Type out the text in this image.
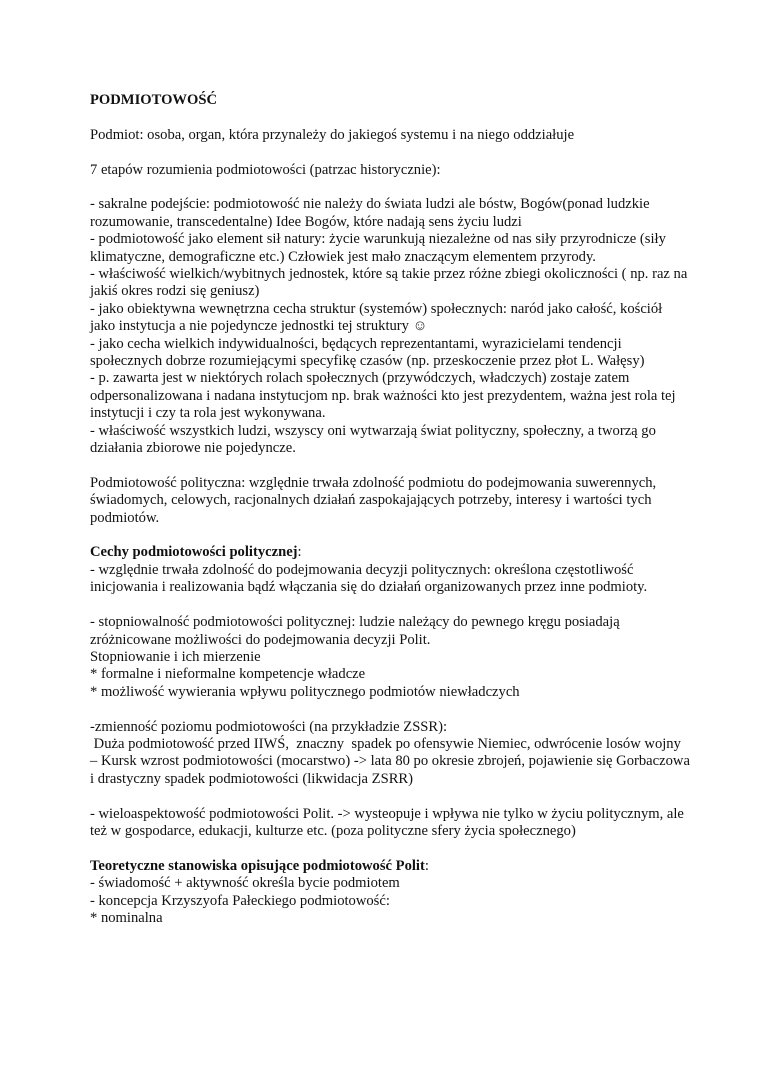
PODMIOTOWOŚĆ

Podmiot: osoba, organ, która przynależy do jakiegoś systemu i na niego oddziałuje

7 etapów rozumienia podmiotowości (patrzac historycznie):

- sakralne podejście: podmiotowość nie należy do świata ludzi ale bóstw, Bogów(ponad ludzkie rozumowanie, transcedentalne) Idee Bogów, które nadają sens życiu ludzi

- podmiotowość jako element sił natury: życie warunkują niezależne od nas siły przyrodnicze (siły klimatyczne, demograficzne etc.) Człowiek jest mało znaczącym elementem przyrody.

- właściwość wielkich/wybitnych jednostek, które są takie przez różne zbiegi okoliczności ( np. raz na jakiś okres rodzi się geniusz)

- jako obiektywna wewnętrzna cecha struktur (systemów) społecznych: naród jako całość, kościół jako instytucja a nie pojedyncze jednostki tej struktury ☺

- jako cecha wielkich indywidualności, będących reprezentantami, wyrazicielami tendencji społecznych dobrze rozumiejącymi specyfikę czasów (np. przeskoczenie przez płot L. Wałęsy)

- p. zawarta jest w niektórych rolach społecznych (przywódczych, władczych) zostaje zatem odpersonalizowana i nadana instytucjom np. brak ważności kto jest prezydentem, ważna jest rola tej instytucji i czy ta rola jest wykonywana.

- właściwość wszystkich ludzi, wszyscy oni wytwarzają świat polityczny, społeczny, a tworzą go działania zbiorowe nie pojedyncze.

Podmiotowość polityczna: względnie trwała zdolność podmiotu do podejmowania suwerennych, świadomych, celowych, racjonalnych działań zaspokajających potrzeby, interesy i wartości tych podmiotów.

Cechy podmiotowości politycznej:

- względnie trwała zdolność do podejmowania decyzji politycznych: określona częstotliwość inicjowania i realizowania bądź włączania się do działań organizowanych przez inne podmioty.

- stopniowalność podmiotowości politycznej: ludzie należący do pewnego kręgu posiadają zróżnicowane możliwości do podejmowania decyzji Polit.

Stopniowanie i ich mierzenie

* formalne i nieformalne kompetencje władcze

* możliwość wywierania wpływu politycznego podmiotów niewładczych

-zmienność poziomu podmiotowości (na przykładzie ZSSR):

Duża podmiotowość przed IIWŚ,  znaczny  spadek po ofensywie Niemiec, odwrócenie losów wojny – Kursk wzrost podmiotowości (mocarstwo) -> lata 80 po okresie zbrojeń, pojawienie się Gorbaczowa i drastyczny spadek podmiotowości (likwidacja ZSRR)

- wieloaspektowość podmiotowości Polit. -> wysteopuje i wpływa nie tylko w życiu politycznym, ale też w gospodarce, edukacji, kulturze etc. (poza polityczne sfery życia społecznego)

Teoretyczne stanowiska opisujące podmiotowość Polit:

- świadomość + aktywność określa bycie podmiotem

- koncepcja Krzyszyofa Pałeckiego podmiotowość:

* nominalna
